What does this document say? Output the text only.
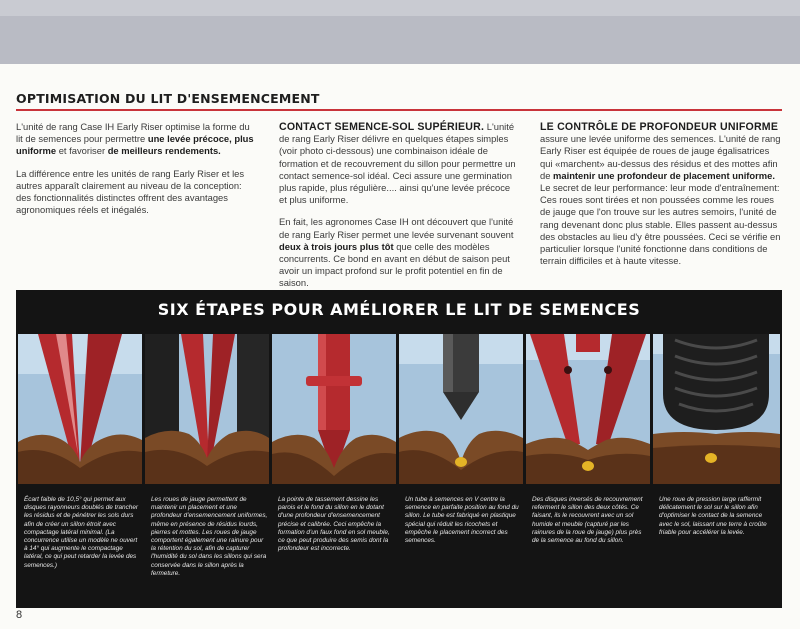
OPTIMISATION DU LIT D'ENSEMENCEMENT

L'unité de rang Case IH Early Riser optimise la forme du lit de semences pour permettre une levée précoce, plus uniforme et favoriser de meilleurs rendements.

La différence entre les unités de rang Early Riser et les autres apparaît clairement au niveau de la conception: des fonctionnalités distinctes offrent des avantages agronomiques réels et inégalés.

CONTACT SEMENCE-SOL SUPÉRIEUR. L'unité de rang Early Riser délivre en quelques étapes simples (voir photo ci-dessous) une combinaison idéale de formation et de recouvrement du sillon pour permettre un contact semence-sol idéal. Ceci assure une germination plus rapide, plus régulière.... ainsi qu'une levée précoce et plus uniforme.

En fait, les agronomes Case IH ont découvert que l'unité de rang Early Riser permet une levée survenant souvent deux à trois jours plus tôt que celle des modèles concurrents. Ce bond en avant en début de saison peut avoir un impact profond sur le profit potentiel en fin de saison.

LE CONTRÔLE DE PROFONDEUR UNIFORME assure une levée uniforme des semences. L'unité de rang Early Riser est équipée de roues de jauge égalisatrices qui «marchent» au-dessus des résidus et des mottes afin de maintenir une profondeur de placement uniforme. Le secret de leur performance: leur mode d'entraînement: Ces roues sont tirées et non poussées comme les roues de jauge que l'on trouve sur les autres semoirs, l'unité de rang devenant donc plus stable. Elles passent au-dessus des obstacles au lieu d'y être poussées. Ceci se vérifie en particulier lorsque l'unité fonctionne dans conditions de terrain difficiles et à haute vitesse.

SIX ÉTAPES POUR AMÉLIORER LE LIT DE SEMENCES
Écart faible de 10,5° qui permet aux disques rayonneurs doublés de trancher les résidus et de pénétrer les sols durs afin de créer un sillon étroit avec compactage latéral minimal. (La concurrence utilise un modèle ne ouvert à 14° qui augmente le compactage latéral, ce qui peut retarder la levée des semences.)
Les roues de jauge permettent de maintenir un placement et une profondeur d'ensemencement uniformes, même en présence de résidus lourds, pierres et mottes. Les roues de jauge comportent également une rainure pour la rétention du sol, afin de capturer l'humidité du sol dans les sillons qui sera conservée dans le sillon après la fermeture.
La pointe de tassement dessine les parois et le fond du sillon en le dotant d'une profondeur d'ensemencement précise et calibrée. Ceci empêche la formation d'un faux fond en sol meuble, ce que peut produire des semis dont la profondeur est incorrecte.
Un tube à semences en V centre la semence en parfaite position au fond du sillon. Le tube est fabriqué en plastique spécial qui réduit les ricochets et empêche le placement incorrect des semences.
Des disques inversés de recouvrement referment le sillon des deux côtés. Ce faisant, ils le recouvrent avec un sol humide et meuble (capturé par les rainures de la roue de jauge) plus près de la semence au fond du sillon.
Une roue de pression large raffermit délicatement le sol sur le sillon afin d'optimiser le contact de la semence avec le sol, laissant une terre à croûte friable pour accélérer la levée.
8
